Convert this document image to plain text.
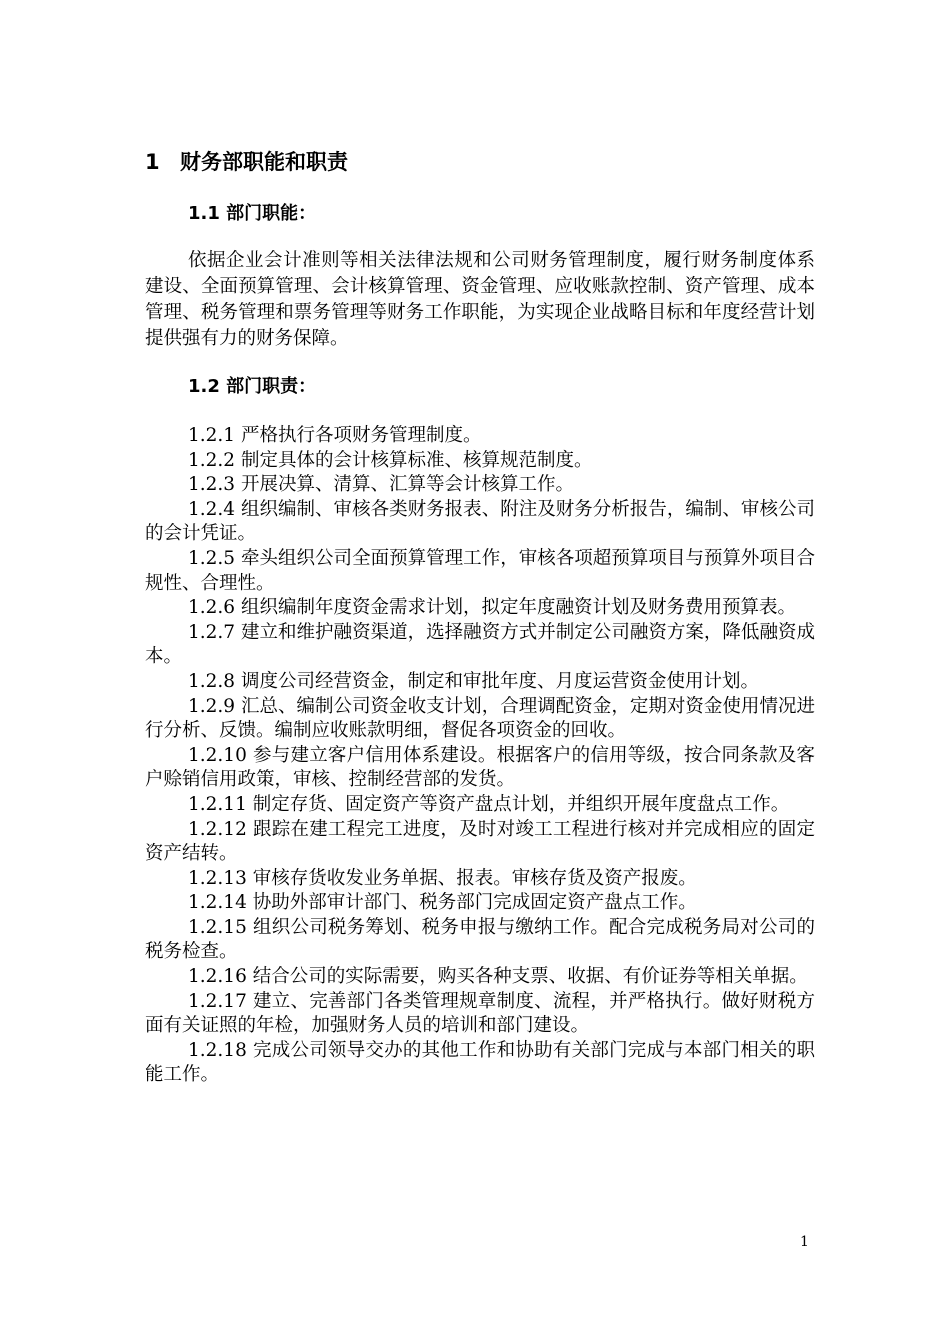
1 财务部职能和职责
1.1 部门职能：

依据企业会计准则等相关法律法规和公司财务管理制度，履行财务制度体系建设、全面预算管理、会计核算管理、资金管理、应收账款控制、资产管理、成本管理、税务管理和票务管理等财务工作职能，为实现企业战略目标和年度经营计划提供强有力的财务保障。

1.2 部门职责：

1.2.1 严格执行各项财务管理制度。

1.2.2 制定具体的会计核算标准、核算规范制度。

1.2.3 开展决算、清算、汇算等会计核算工作。

1.2.4 组织编制、审核各类财务报表、附注及财务分析报告，编制、审核公司的会计凭证。

1.2.5 牵头组织公司全面预算管理工作，审核各项超预算项目与预算外项目合规性、合理性。

1.2.6 组织编制年度资金需求计划，拟定年度融资计划及财务费用预算表。

1.2.7 建立和维护融资渠道，选择融资方式并制定公司融资方案，降低融资成本。

1.2.8 调度公司经营资金，制定和审批年度、月度运营资金使用计划。

1.2.9 汇总、编制公司资金收支计划，合理调配资金，定期对资金使用情况进行分析、反馈。编制应收账款明细，督促各项资金的回收。

1.2.10 参与建立客户信用体系建设。根据客户的信用等级，按合同条款及客户赊销信用政策，审核、控制经营部的发货。

1.2.11 制定存货、固定资产等资产盘点计划，并组织开展年度盘点工作。

1.2.12 跟踪在建工程完工进度，及时对竣工工程进行核对并完成相应的固定资产结转。

1.2.13 审核存货收发业务单据、报表。审核存货及资产报废。

1.2.14 协助外部审计部门、税务部门完成固定资产盘点工作。

1.2.15 组织公司税务筹划、税务申报与缴纳工作。配合完成税务局对公司的税务检查。

1.2.16 结合公司的实际需要，购买各种支票、收据、有价证券等相关单据。

1.2.17 建立、完善部门各类管理规章制度、流程，并严格执行。做好财税方面有关证照的年检，加强财务人员的培训和部门建设。

1.2.18 完成公司领导交办的其他工作和协助有关部门完成与本部门相关的职能工作。

1
